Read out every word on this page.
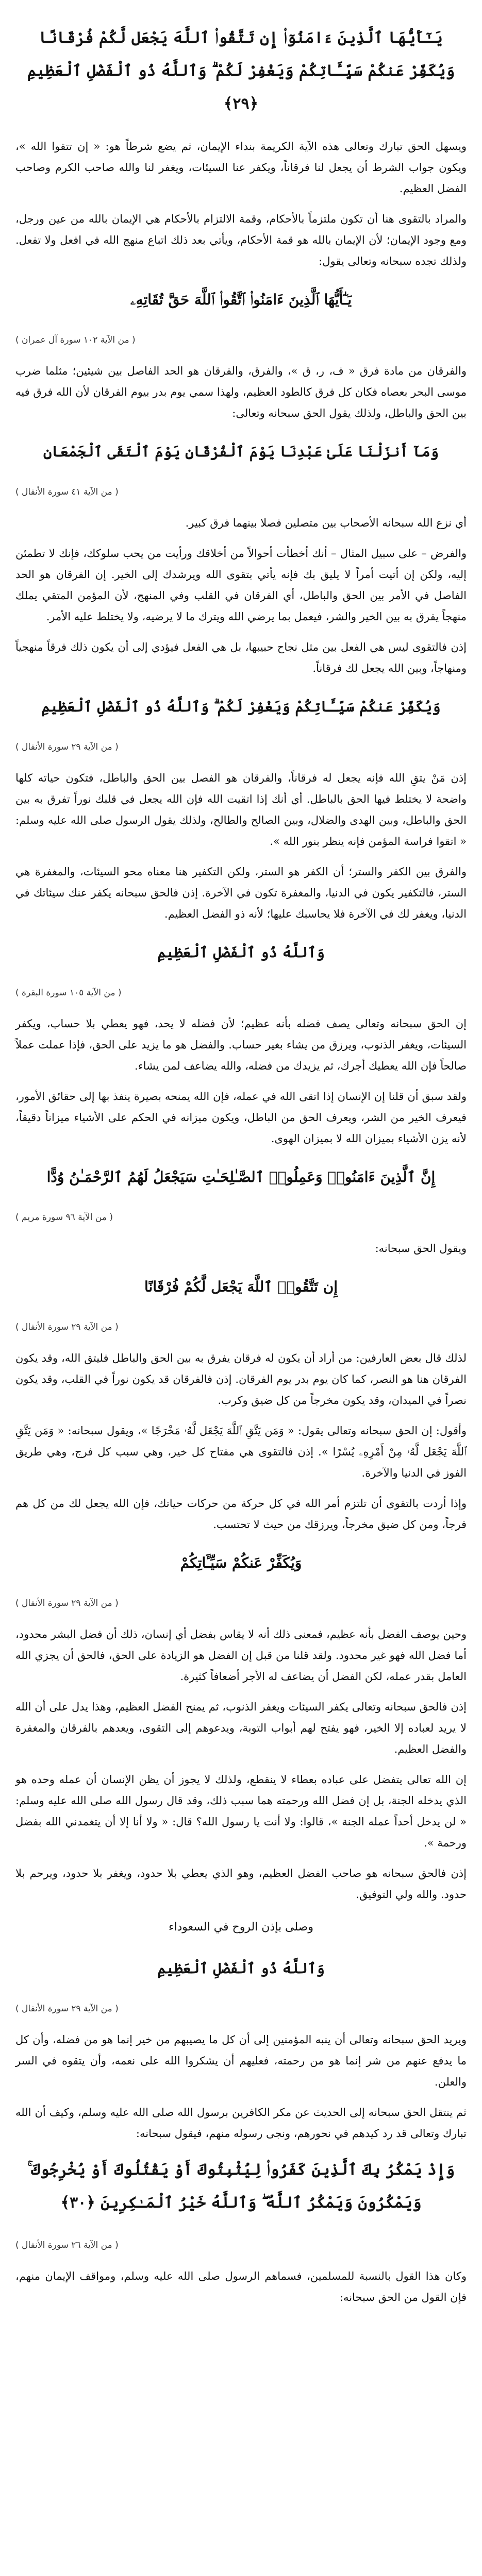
يَـٰٓأَيُّهَا ٱلَّذِينَ ءَامَنُوٓا۟ إِن تَتَّقُوا۟ ٱللَّهَ يَجْعَل لَّكُمْ فُرْقَانًا وَيُكَفِّرْ عَنكُمْ سَيِّـَٔاتِكُمْ وَيَغْفِرْ لَكُمْ ۗ وَٱللَّهُ ذُو ٱلْفَضْلِ ٱلْعَظِيمِ ﴿٢٩﴾

ويسهل الحق تبارك وتعالى هذه الآية الكريمة بنداء الإيمان، ثم يضع شرطاً هو: « إن تتقوا الله »، ويكون جواب الشرط أن يجعل لنا فرقاناً، ويكفر عنا السيئات، ويغفر لنا والله صاحب الكرم وصاحب الفضل العظيم.

والمراد بالتقوى هنا أن تكون ملتزماً بالأحكام، وقمة الالتزام بالأحكام هي الإيمان بالله من عين ورجل، ومع وجود الإيمان؛ لأن الإيمان بالله هو قمة الأحكام، ويأتي بعد ذلك اتباع منهج الله في افعل ولا تفعل. ولذلك تجده سبحانه وتعالى يقول:

يَـٰٓأَيُّهَا ٱلَّذِينَ ءَامَنُوا۟ ٱتَّقُوا۟ ٱللَّهَ حَقَّ تُقَاتِهِۦ
( من الآية ١٠٢ سورة آل عمران )

والفرقان من مادة فرق « ف، ر، ق »، والفرق، والفرقان هو الحد الفاصل بين شيئين؛ مثلما ضرب موسى البحر بعصاه فكان كل فرق كالطود العظيم، ولهذا سمي يوم بدر بيوم الفرقان لأن الله فرق فيه بين الحق والباطل، ولذلك يقول الحق سبحانه وتعالى:

وَمَآ أَنزَلْنَا عَلَىٰ عَبْدِنَا يَوْمَ ٱلْفُرْقَانِ يَوْمَ ٱلْتَقَى ٱلْجَمْعَانِ
( من الآية ٤١ سورة الأنفال )

أي نزع الله سبحانه الأصحاب بين متصلين فصلا بينهما فرق كبير.

والفرض – على سبيل المثال – أنك أخطأت أحوالاً من أخلاقك ورأيت من يحب سلوكك، فإنك لا تطمئن إليه، ولكن إن أتيت أمراً لا يليق بك فإنه يأتي بتقوى الله ويرشدك إلى الخير. إن الفرقان هو الحد الفاصل في الأمر بين الحق والباطل، أي الفرقان في القلب وفي المنهج، لأن المؤمن المتقي يملك منهجاً يفرق به بين الخير والشر، فيعمل بما يرضي الله ويترك ما لا يرضيه، ولا يختلط عليه الأمر.

إذن فالتقوى ليس هي الفعل بين مثل نجاح حبيبها، بل هي الفعل فيؤدي إلى أن يكون ذلك فرقاً منهجياً ومنهاجاً، وبين الله يجعل لك فرقاناً.

وَيُكَفِّرْ عَنكُمْ سَيِّـَٔاتِكُمْ وَيَغْفِرْ لَكُمْ ۗ وَٱللَّهُ ذُو ٱلْفَضْلِ ٱلْعَظِيمِ
( من الآية ٢٩ سورة الأنفال )

إذن مَنْ يتقِ الله فإنه يجعل له فرقاناً، والفرقان هو الفصل بين الحق والباطل، فتكون حياته كلها واضحة لا يختلط فيها الحق بالباطل. أي أنك إذا اتقيت الله فإن الله يجعل في قلبك نوراً تفرق به بين الحق والباطل، وبين الهدى والضلال، وبين الصالح والطالح، ولذلك يقول الرسول صلى الله عليه وسلم: « اتقوا فراسة المؤمن فإنه ينظر بنور الله ».

والفرق بين الكفر والستر؛ أن الكفر هو الستر، ولكن التكفير هنا معناه محو السيئات، والمغفرة هي الستر، فالتكفير يكون في الدنيا، والمغفرة تكون في الآخرة. إذن فالحق سبحانه يكفر عنك سيئاتك في الدنيا، ويغفر لك في الآخرة فلا يحاسبك عليها؛ لأنه ذو الفضل العظيم.

وَٱللَّهُ ذُو ٱلْفَضْلِ ٱلْعَظِيمِ
( من الآية ١٠٥ سورة البقرة )

إن الحق سبحانه وتعالى يصف فضله بأنه عظيم؛ لأن فضله لا يحد، فهو يعطي بلا حساب، ويكفر السيئات، ويغفر الذنوب، ويرزق من يشاء بغير حساب. والفضل هو ما يزيد على الحق، فإذا عملت عملاً صالحاً فإن الله يعطيك أجرك، ثم يزيدك من فضله، والله يضاعف لمن يشاء.

ولقد سبق أن قلنا إن الإنسان إذا اتقى الله في عمله، فإن الله يمنحه بصيرة ينفذ بها إلى حقائق الأمور، فيعرف الخير من الشر، ويعرف الحق من الباطل، ويكون ميزانه في الحكم على الأشياء ميزاناً دقيقاً، لأنه يزن الأشياء بميزان الله لا بميزان الهوى.

إِنَّ ٱلَّذِينَ ءَامَنُوا۟ وَعَمِلُوا۟ ٱلصَّـٰلِحَـٰتِ سَيَجْعَلُ لَهُمُ ٱلرَّحْمَـٰنُ وُدًّا
( من الآية ٩٦ سورة مريم )

ويقول الحق سبحانه:

إِن تَتَّقُوا۟ ٱللَّهَ يَجْعَل لَّكُمْ فُرْقَانًا
( من الآية ٢٩ سورة الأنفال )

لذلك قال بعض العارفين: من أراد أن يكون له فرقان يفرق به بين الحق والباطل فليتق الله، وقد يكون الفرقان هنا هو النصر، كما كان يوم بدر يوم الفرقان. إذن فالفرقان قد يكون نوراً في القلب، وقد يكون نصراً في الميدان، وقد يكون مخرجاً من كل ضيق وكرب.

وأقول: إن الحق سبحانه وتعالى يقول: « وَمَن يَتَّقِ ٱللَّهَ يَجْعَل لَّهُۥ مَخْرَجًا »، ويقول سبحانه: « وَمَن يَتَّقِ ٱللَّهَ يَجْعَل لَّهُۥ مِنْ أَمْرِهِۦ يُسْرًا ». إذن فالتقوى هي مفتاح كل خير، وهي سبب كل فرج، وهي طريق الفوز في الدنيا والآخرة.

وإذا أردت بالتقوى أن تلتزم أمر الله في كل حركة من حركات حياتك، فإن الله يجعل لك من كل هم فرجاً، ومن كل ضيق مخرجاً، ويرزقك من حيث لا تحتسب.

وَيُكَفِّرْ عَنكُمْ سَيِّـَٔاتِكُمْ
( من الآية ٢٩ سورة الأنفال )

وحين يوصف الفضل بأنه عظيم، فمعنى ذلك أنه لا يقاس بفضل أي إنسان، ذلك أن فضل البشر محدود، أما فضل الله فهو غير محدود. ولقد قلنا من قبل إن الفضل هو الزيادة على الحق، فالحق أن يجزي الله العامل بقدر عمله، لكن الفضل أن يضاعف له الأجر أضعافاً كثيرة.

إذن فالحق سبحانه وتعالى يكفر السيئات ويغفر الذنوب، ثم يمنح الفضل العظيم، وهذا يدل على أن الله لا يريد لعباده إلا الخير، فهو يفتح لهم أبواب التوبة، ويدعوهم إلى التقوى، ويعدهم بالفرقان والمغفرة والفضل العظيم.

إن الله تعالى يتفضل على عباده بعطاء لا ينقطع، ولذلك لا يجوز أن يظن الإنسان أن عمله وحده هو الذي يدخله الجنة، بل إن فضل الله ورحمته هما سبب ذلك، وقد قال رسول الله صلى الله عليه وسلم: « لن يدخل أحداً عمله الجنة »، قالوا: ولا أنت يا رسول الله؟ قال: « ولا أنا إلا أن يتغمدني الله بفضل ورحمة ».

إذن فالحق سبحانه هو صاحب الفضل العظيم، وهو الذي يعطي بلا حدود، ويغفر بلا حدود، ويرحم بلا حدود. والله ولي التوفيق.

وصلى بإذن الروح في السعوداء
وَٱللَّهُ ذُو ٱلْفَضْلِ ٱلْعَظِيمِ
( من الآية ٢٩ سورة الأنفال )

ويريد الحق سبحانه وتعالى أن ينبه المؤمنين إلى أن كل ما يصيبهم من خير إنما هو من فضله، وأن كل ما يدفع عنهم من شر إنما هو من رحمته، فعليهم أن يشكروا الله على نعمه، وأن يتقوه في السر والعلن.

ثم ينتقل الحق سبحانه إلى الحديث عن مكر الكافرين برسول الله صلى الله عليه وسلم، وكيف أن الله تبارك وتعالى قد رد كيدهم في نحورهم، ونجى رسوله منهم، فيقول سبحانه:

وَإِذْ يَمْكُرُ بِكَ ٱلَّذِينَ كَفَرُوا۟ لِيُثْبِتُوكَ أَوْ يَقْتُلُوكَ أَوْ يُخْرِجُوكَ ۚ وَيَمْكُرُونَ وَيَمْكُرُ ٱللَّهُ ۖ وَٱللَّهُ خَيْرُ ٱلْمَـٰكِرِينَ ﴿٣٠﴾
( من الآية ٢٦ سورة الأنفال )

وكان هذا القول بالنسبة للمسلمين، فسماهم الرسول صلى الله عليه وسلم، ومواقف الإيمان منهم، فإن القول من الحق سبحانه:
